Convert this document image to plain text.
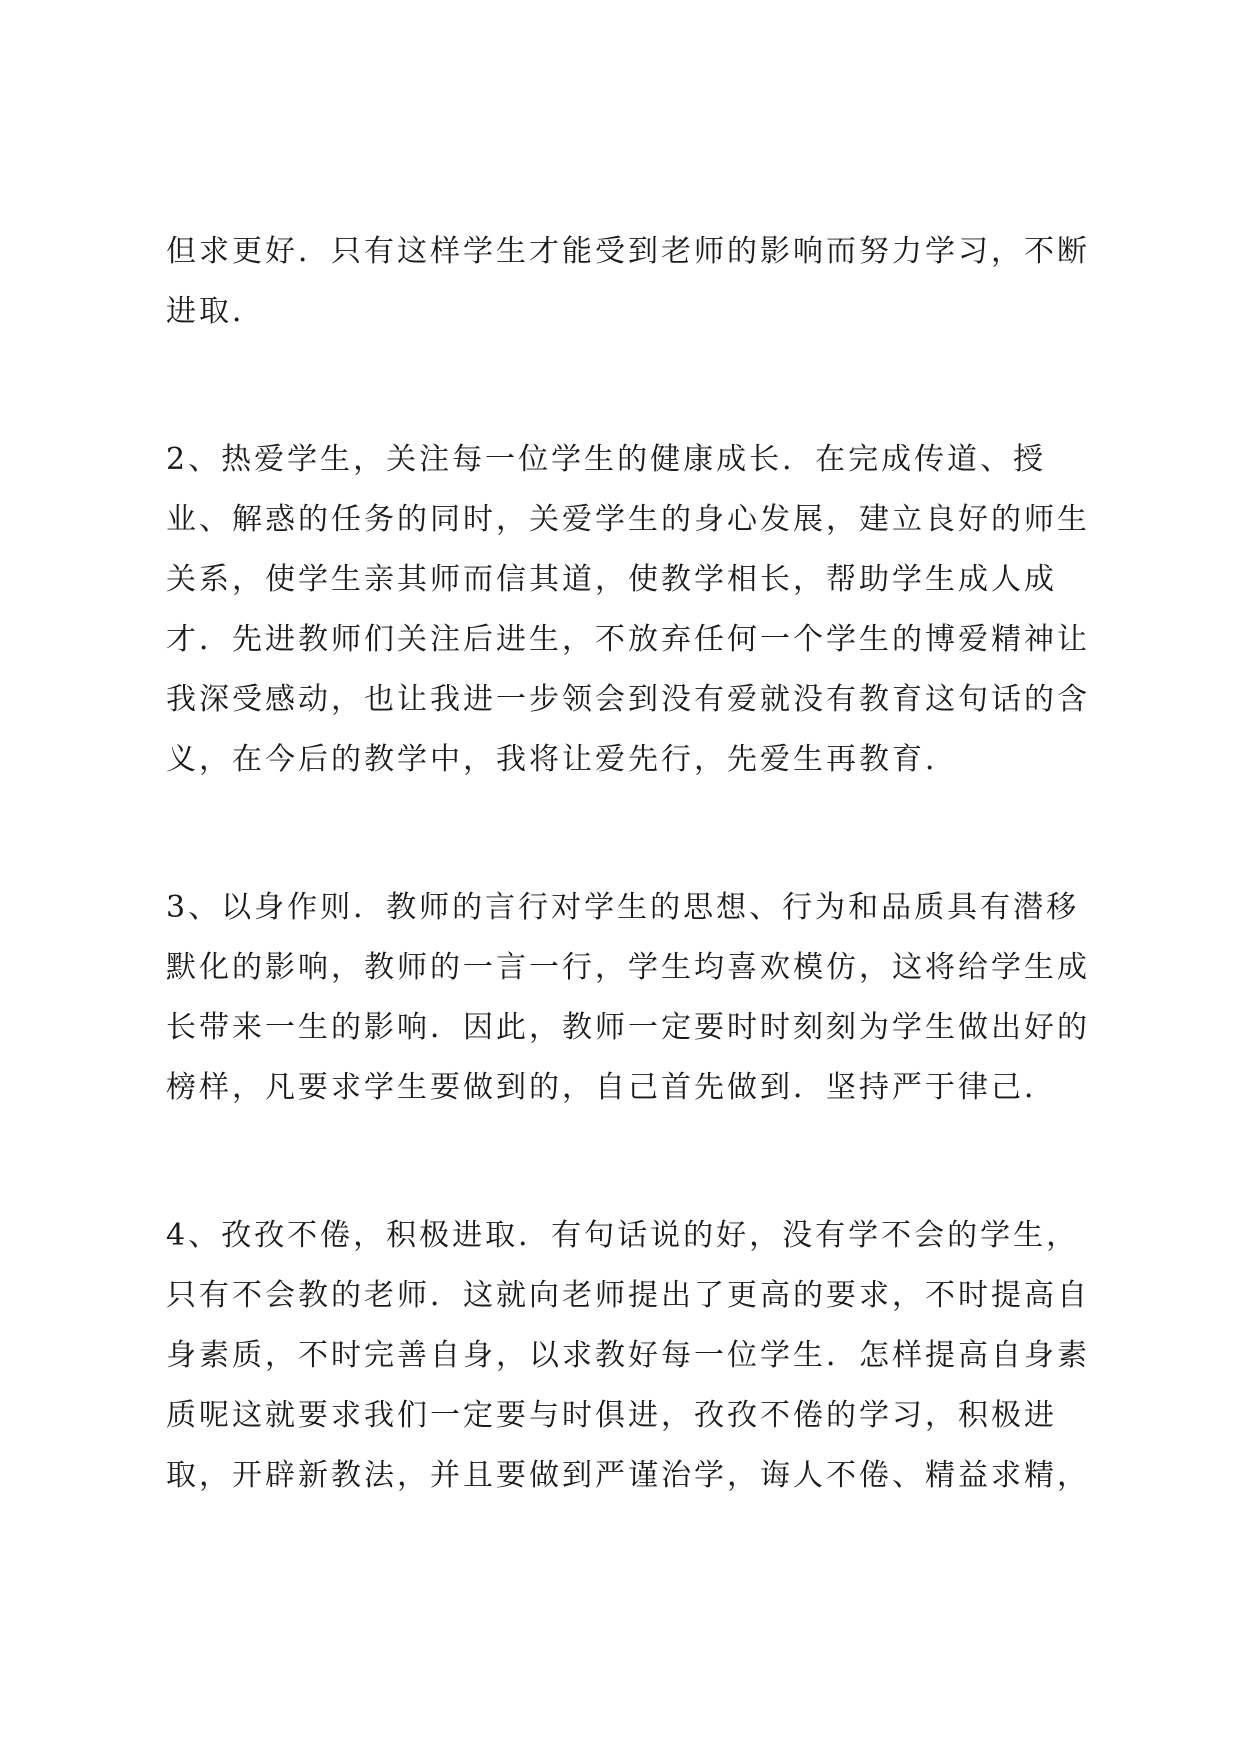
但求更好．只有这样学生才能受到老师的影响而努力学习，不断
进取．
2、热爱学生，关注每一位学生的健康成长．在完成传道、授
业、解惑的任务的同时，关爱学生的身心发展，建立良好的师生
关系，使学生亲其师而信其道，使教学相长，帮助学生成人成
才．先进教师们关注后进生，不放弃任何一个学生的博爱精神让
我深受感动，也让我进一步领会到没有爱就没有教育这句话的含
义，在今后的教学中，我将让爱先行，先爱生再教育．
3、以身作则．教师的言行对学生的思想、行为和品质具有潜移
默化的影响，教师的一言一行，学生均喜欢模仿，这将给学生成
长带来一生的影响．因此，教师一定要时时刻刻为学生做出好的
榜样，凡要求学生要做到的，自己首先做到．坚持严于律己．
4、孜孜不倦，积极进取．有句话说的好，没有学不会的学生，
只有不会教的老师．这就向老师提出了更高的要求，不时提高自
身素质，不时完善自身，以求教好每一位学生．怎样提高自身素
质呢这就要求我们一定要与时俱进，孜孜不倦的学习，积极进
取，开辟新教法，并且要做到严谨治学，诲人不倦、精益求精，
